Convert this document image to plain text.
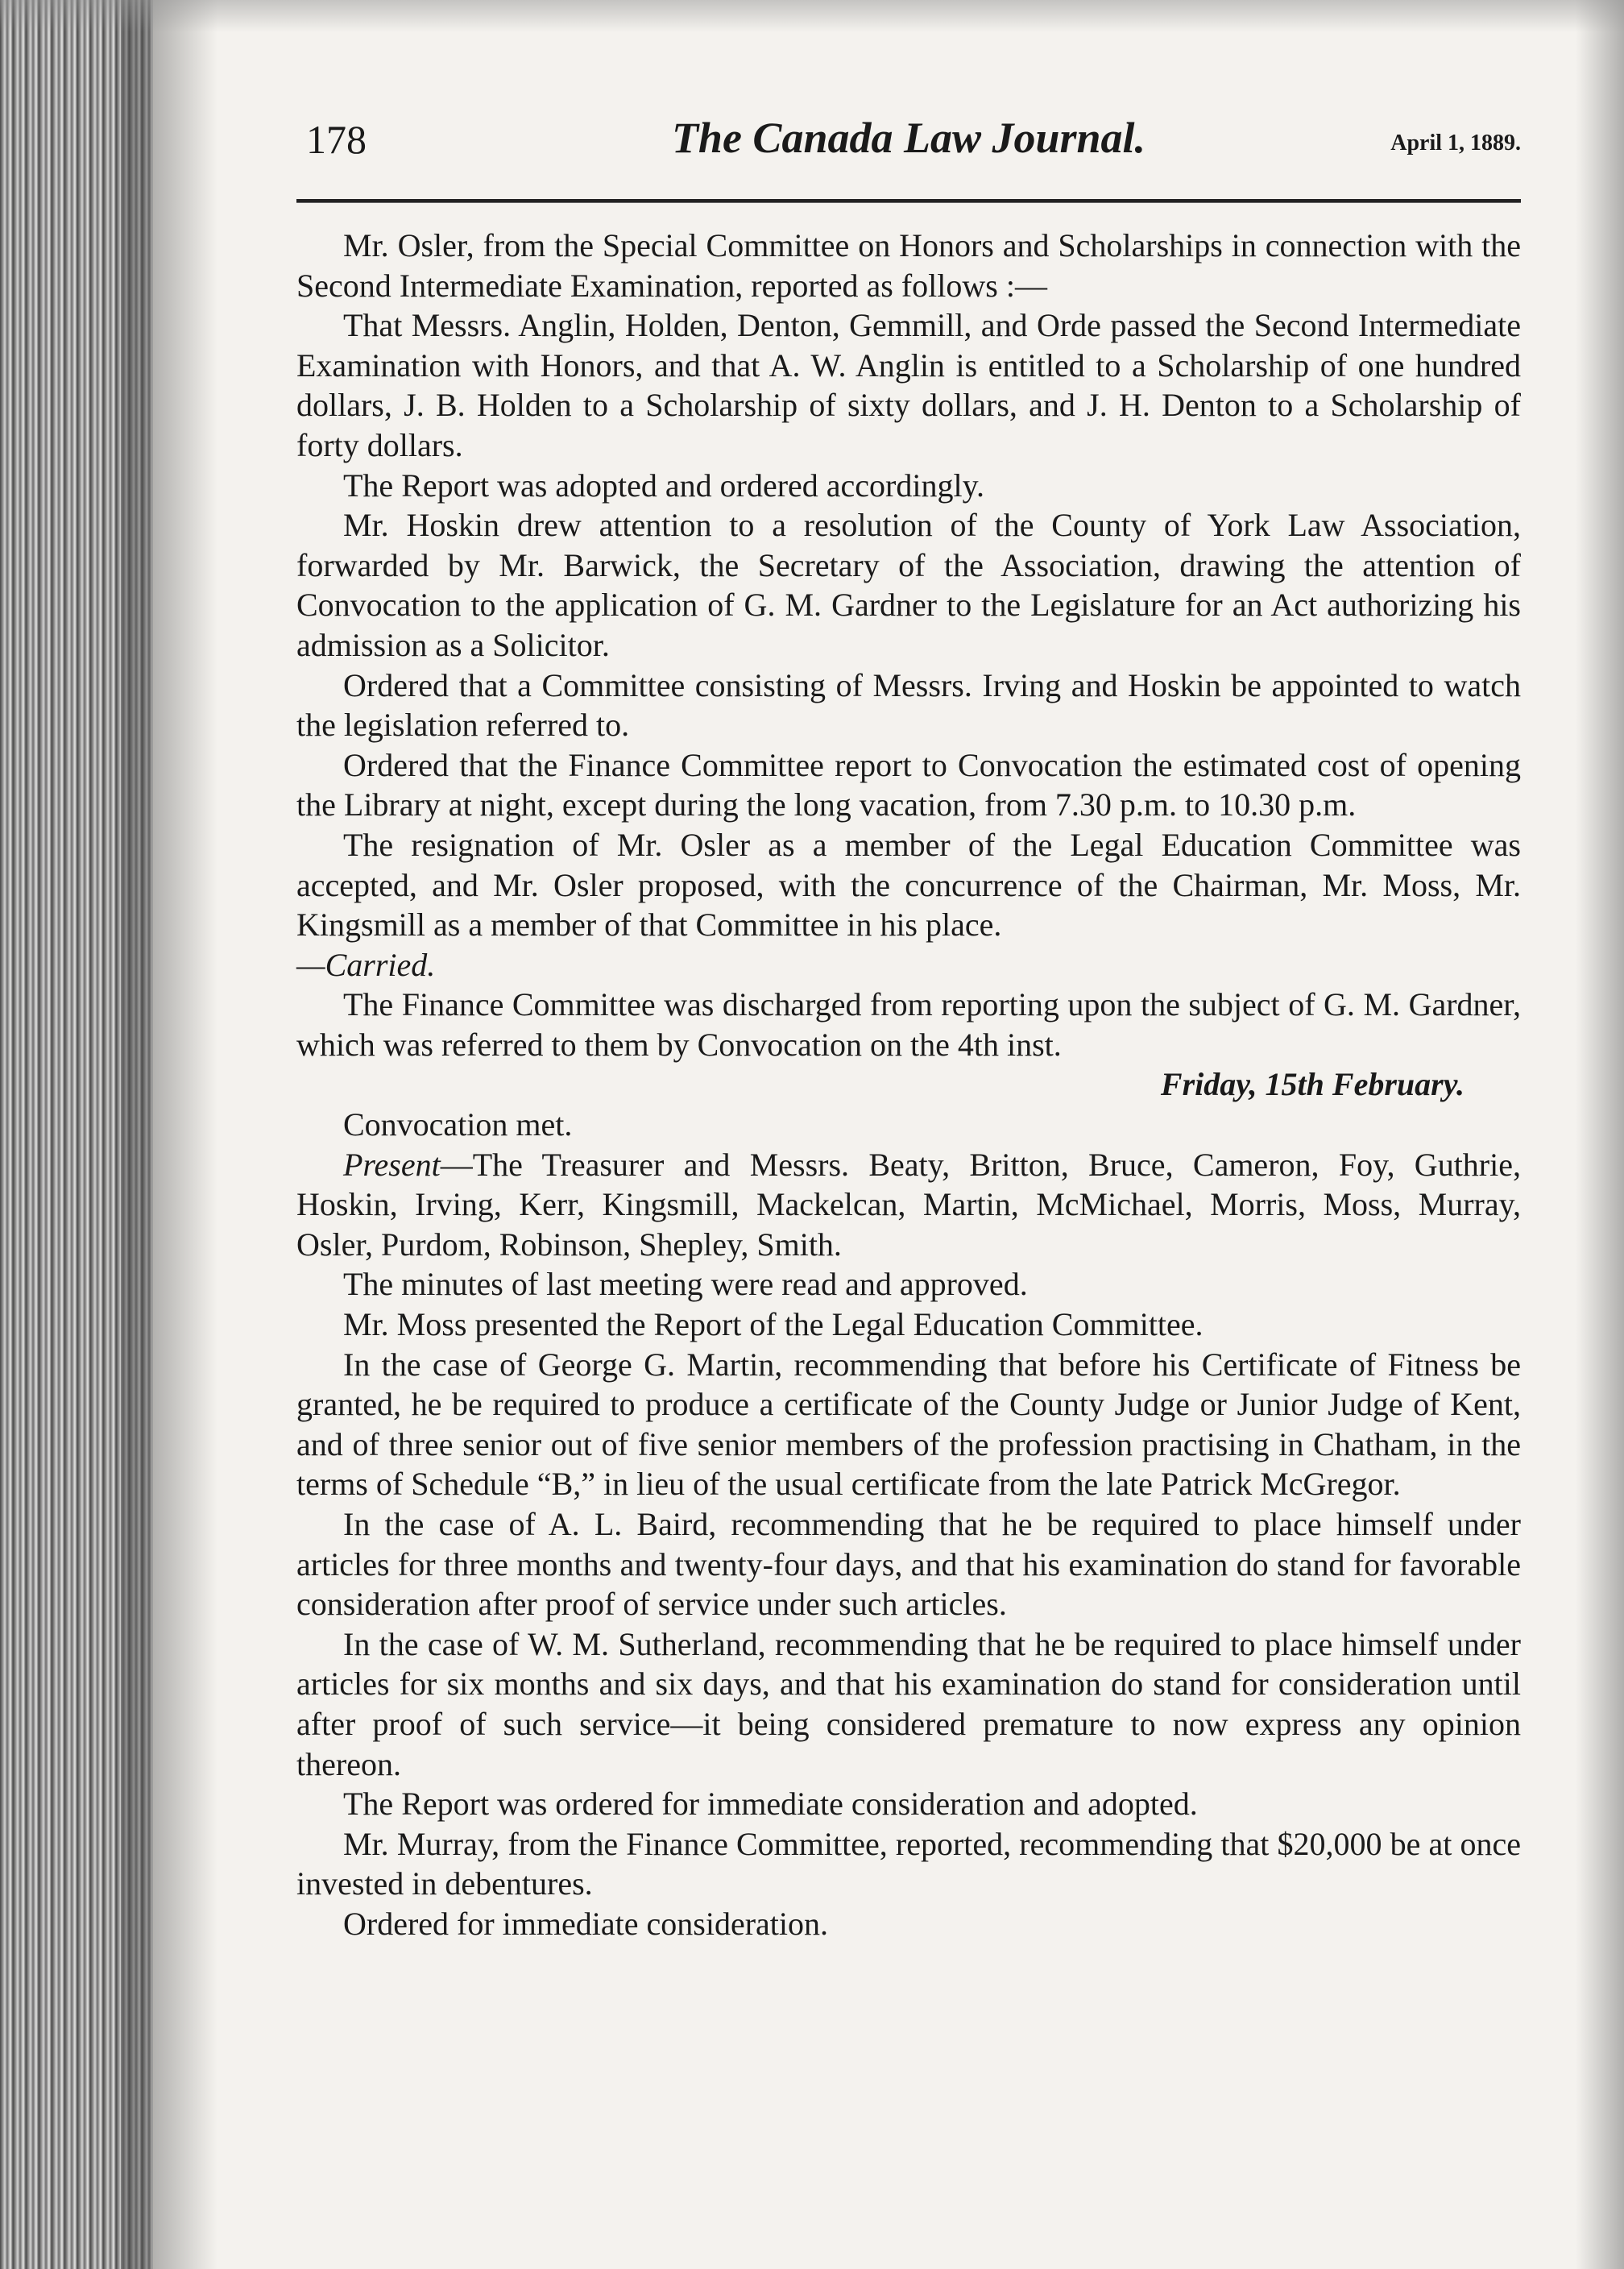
178	The Canada Law Journal.	April 1, 1889.

Mr. Osler, from the Special Committee on Honors and Scholarships in connection with the Second Intermediate Examination, reported as follows :—

That Messrs. Anglin, Holden, Denton, Gemmill, and Orde passed the Second Intermediate Examination with Honors, and that A. W. Anglin is entitled to a Scholarship of one hundred dollars, J. B. Holden to a Scholarship of sixty dollars, and J. H. Denton to a Scholarship of forty dollars.

The Report was adopted and ordered accordingly.

Mr. Hoskin drew attention to a resolution of the County of York Law Association, forwarded by Mr. Barwick, the Secretary of the Association, drawing the attention of Convocation to the application of G. M. Gardner to the Legislature for an Act authorizing his admission as a Solicitor.

Ordered that a Committee consisting of Messrs. Irving and Hoskin be appointed to watch the legislation referred to.

Ordered that the Finance Committee report to Convocation the estimated cost of opening the Library at night, except during the long vacation, from 7.30 p.m. to 10.30 p.m.

The resignation of Mr. Osler as a member of the Legal Education Committee was accepted, and Mr. Osler proposed, with the concurrence of the Chairman, Mr. Moss, Mr. Kingsmill as a member of that Committee in his place.
—Carried.

The Finance Committee was discharged from reporting upon the subject of G. M. Gardner, which was referred to them by Convocation on the 4th inst.

Friday, 15th February.

Convocation met.

Present—The Treasurer and Messrs. Beaty, Britton, Bruce, Cameron, Foy, Guthrie, Hoskin, Irving, Kerr, Kingsmill, Mackelcan, Martin, McMichael, Morris, Moss, Murray, Osler, Purdom, Robinson, Shepley, Smith.

The minutes of last meeting were read and approved.

Mr. Moss presented the Report of the Legal Education Committee.

In the case of George G. Martin, recommending that before his Certificate of Fitness be granted, he be required to produce a certificate of the County Judge or Junior Judge of Kent, and of three senior out of five senior members of the profession practising in Chatham, in the terms of Schedule “B,” in lieu of the usual certificate from the late Patrick McGregor.

In the case of A. L. Baird, recommending that he be required to place himself under articles for three months and twenty-four days, and that his examination do stand for favorable consideration after proof of service under such articles.

In the case of W. M. Sutherland, recommending that he be required to place himself under articles for six months and six days, and that his examination do stand for consideration until after proof of such service—it being considered premature to now express any opinion thereon.

The Report was ordered for immediate consideration and adopted.

Mr. Murray, from the Finance Committee, reported, recommending that $20,000 be at once invested in debentures.

Ordered for immediate consideration.
